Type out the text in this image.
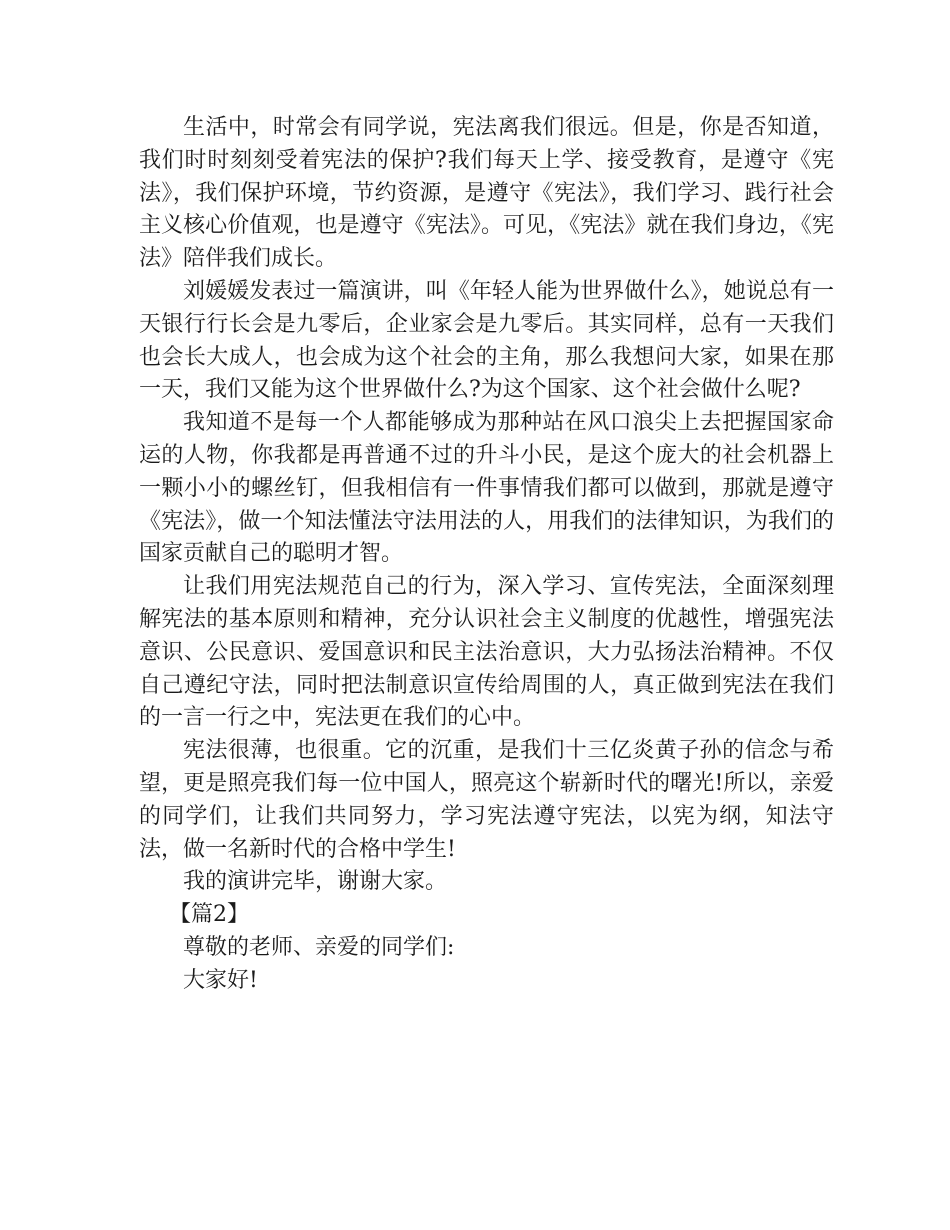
生活中，时常会有同学说，宪法离我们很远。但是，你是否知道，我们时时刻刻受着宪法的保护?我们每天上学、接受教育，是遵守《宪法》，我们保护环境，节约资源，是遵守《宪法》，我们学习、践行社会主义核心价值观，也是遵守《宪法》。可见，《宪法》就在我们身边，《宪法》陪伴我们成长。

刘媛媛发表过一篇演讲，叫《年轻人能为世界做什么》，她说总有一天银行行长会是九零后，企业家会是九零后。其实同样，总有一天我们也会长大成人，也会成为这个社会的主角，那么我想问大家，如果在那一天，我们又能为这个世界做什么?为这个国家、这个社会做什么呢?

我知道不是每一个人都能够成为那种站在风口浪尖上去把握国家命运的人物，你我都是再普通不过的升斗小民，是这个庞大的社会机器上一颗小小的螺丝钉，但我相信有一件事情我们都可以做到，那就是遵守《宪法》，做一个知法懂法守法用法的人，用我们的法律知识，为我们的国家贡献自己的聪明才智。

让我们用宪法规范自己的行为，深入学习、宣传宪法，全面深刻理解宪法的基本原则和精神，充分认识社会主义制度的优越性，增强宪法意识、公民意识、爱国意识和民主法治意识，大力弘扬法治精神。不仅自己遵纪守法，同时把法制意识宣传给周围的人，真正做到宪法在我们的一言一行之中，宪法更在我们的心中。

宪法很薄，也很重。它的沉重，是我们十三亿炎黄子孙的信念与希望，更是照亮我们每一位中国人，照亮这个崭新时代的曙光!所以，亲爱的同学们，让我们共同努力，学习宪法遵守宪法，以宪为纲，知法守法，做一名新时代的合格中学生!

我的演讲完毕，谢谢大家。

【篇2】

尊敬的老师、亲爱的同学们:

大家好!
